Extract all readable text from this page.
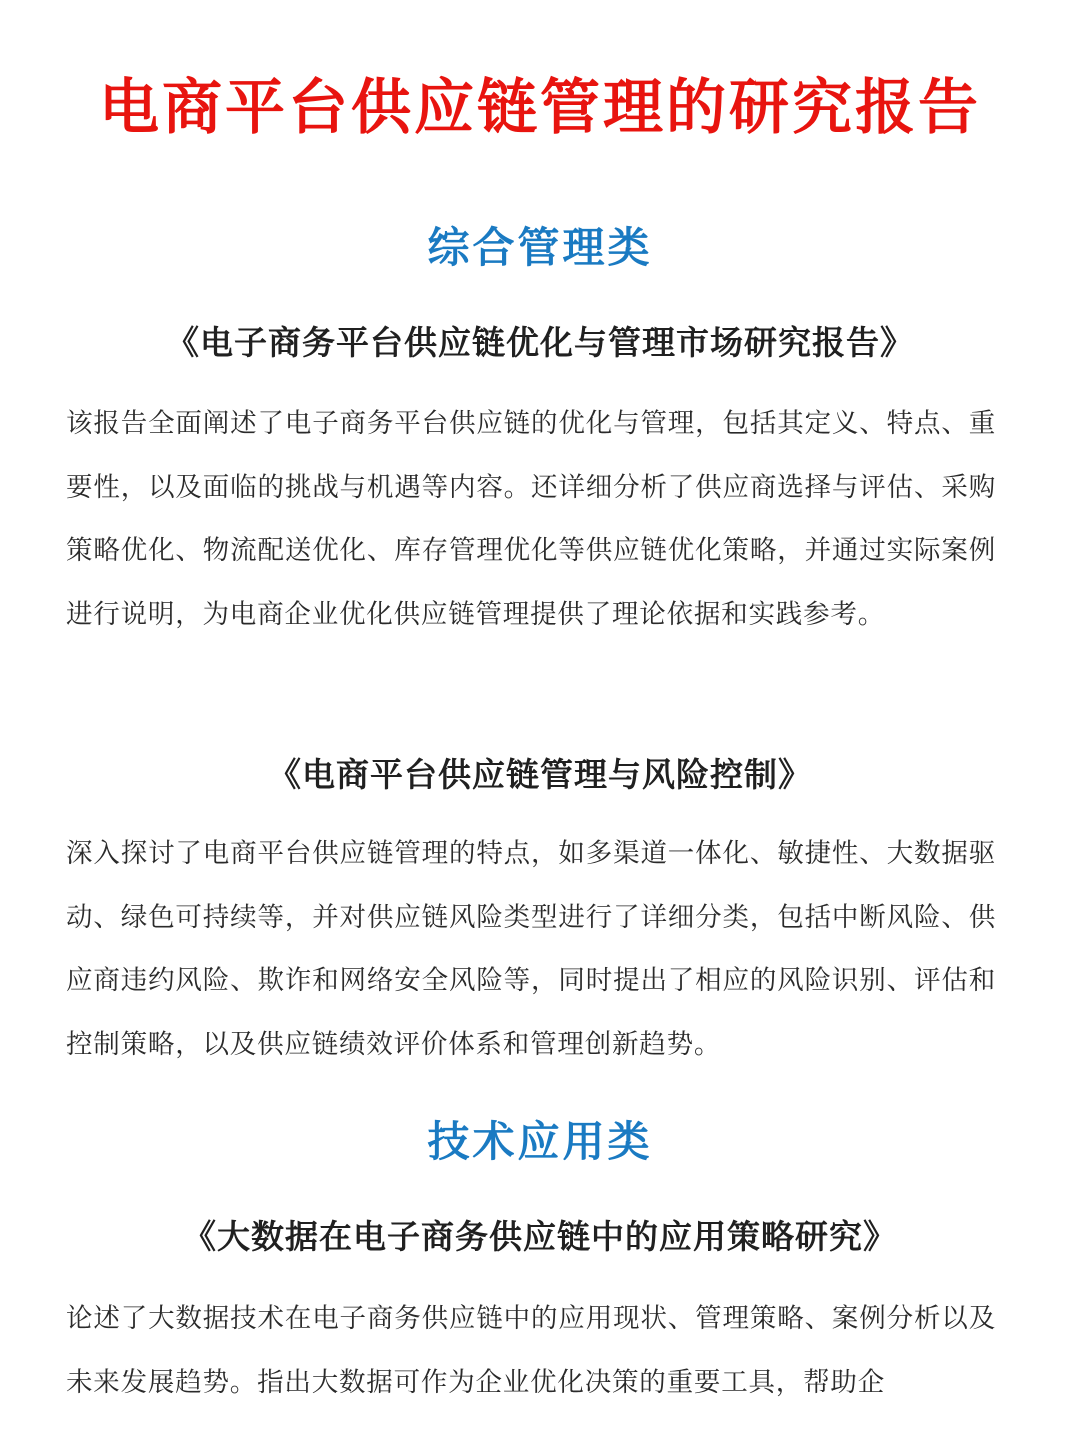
电商平台供应链管理的研究报告
综合管理类
《电子商务平台供应链优化与管理市场研究报告》

该报告全面阐述了电子商务平台供应链的优化与管理，包括其定义、特点、重要性，以及面临的挑战与机遇等内容。还详细分析了供应商选择与评估、采购策略优化、物流配送优化、库存管理优化等供应链优化策略，并通过实际案例进行说明，为电商企业优化供应链管理提供了理论依据和实践参考。

《电商平台供应链管理与风险控制》

深入探讨了电商平台供应链管理的特点，如多渠道一体化、敏捷性、大数据驱动、绿色可持续等，并对供应链风险类型进行了详细分类，包括中断风险、供应商违约风险、欺诈和网络安全风险等，同时提出了相应的风险识别、评估和控制策略，以及供应链绩效评价体系和管理创新趋势。

技术应用类
《大数据在电子商务供应链中的应用策略研究》

论述了大数据技术在电子商务供应链中的应用现状、管理策略、案例分析以及未来发展趋势。指出大数据可作为企业优化决策的重要工具，帮助企
